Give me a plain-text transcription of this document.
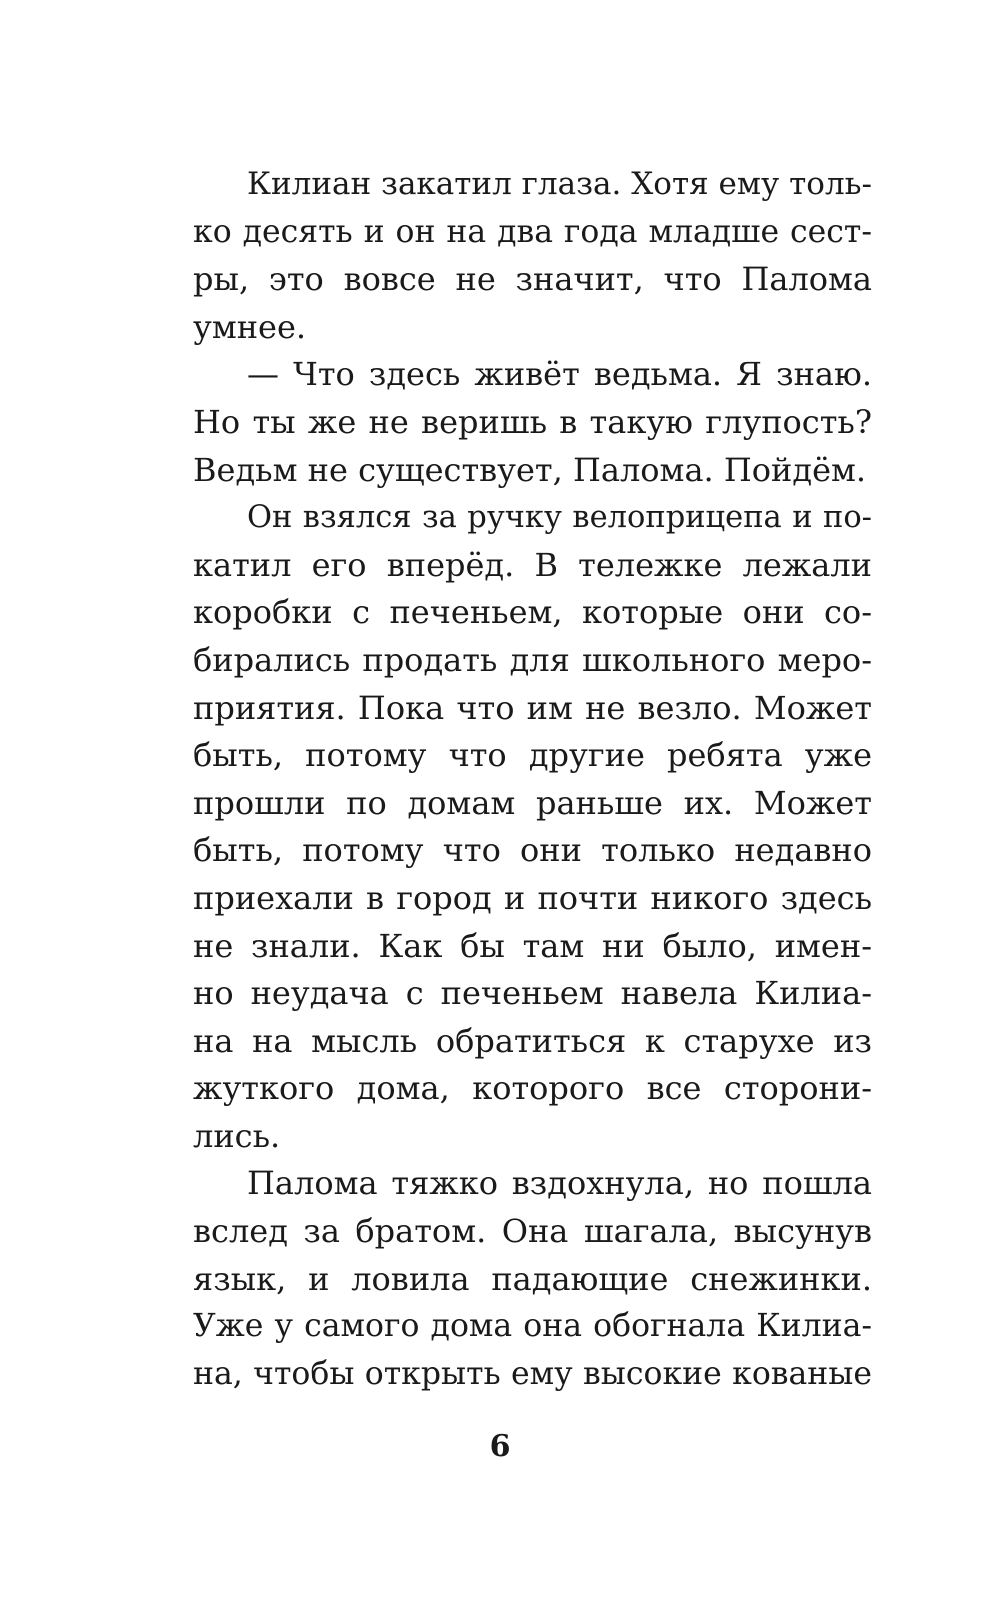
Килиан закатил глаза. Хотя ему толь-
ко десять и он на два года младше сест-
ры, это вовсе не значит, что Палома
умнее.
— Что здесь живёт ведьма. Я знаю.
Но ты же не веришь в такую глупость?
Ведьм не существует, Палома. Пойдём.
Он взялся за ручку велоприцепа и по-
катил его вперёд. В тележке лежали
коробки с печеньем, которые они со-
бирались продать для школьного меро-
приятия. Пока что им не везло. Может
быть, потому что другие ребята уже
прошли по домам раньше их. Может
быть, потому что они только недавно
приехали в город и почти никого здесь
не знали. Как бы там ни было, имен-
но неудача с печеньем навела Килиа-
на на мысль обратиться к старухе из
жуткого дома, которого все сторони-
лись.
Палома тяжко вздохнула, но пошла
вслед за братом. Она шагала, высунув
язык, и ловила падающие снежинки.
Уже у самого дома она обогнала Килиа-
на, чтобы открыть ему высокие кованые
6
